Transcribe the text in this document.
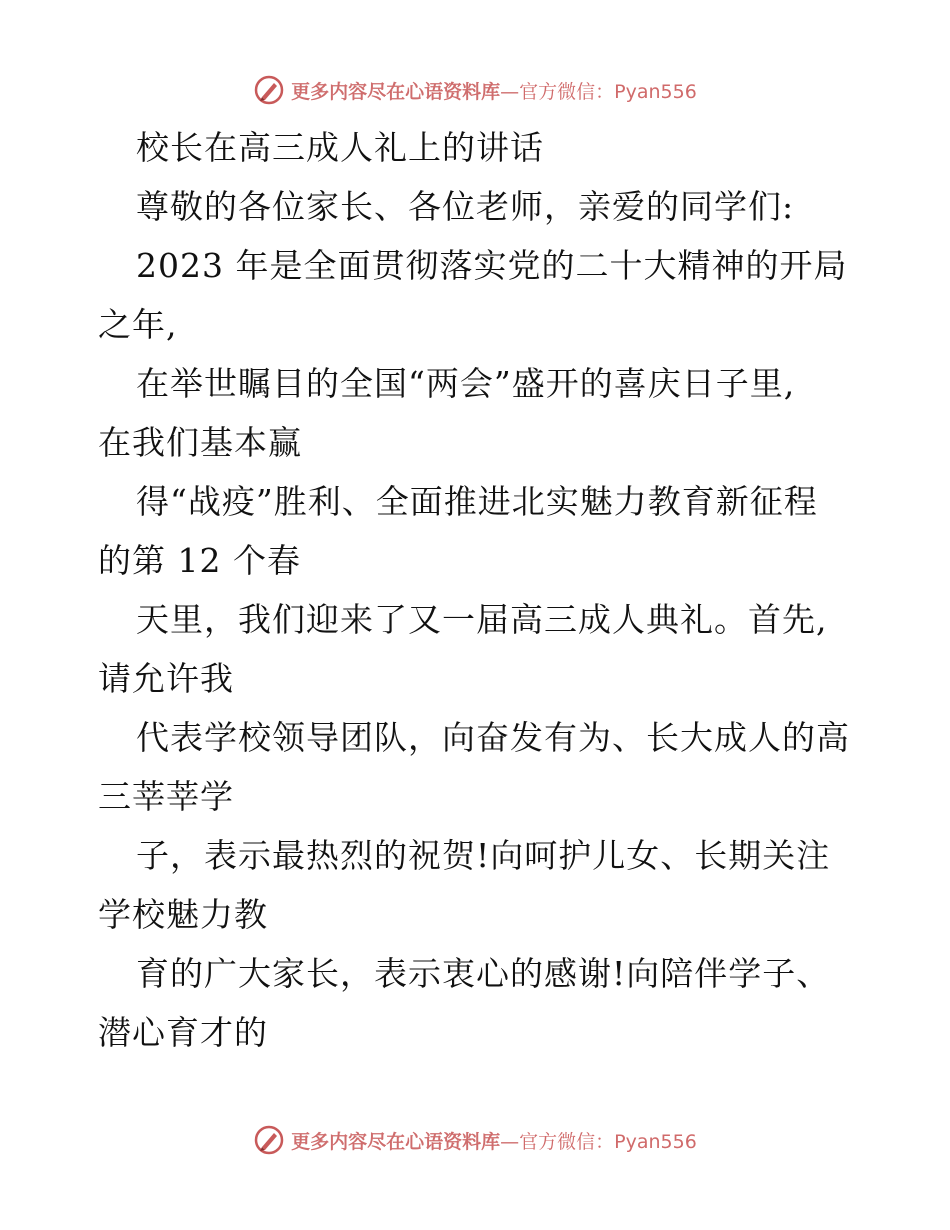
更多内容尽在心语资料库—官方微信：Pyan556
校长在高三成人礼上的讲话
尊敬的各位家长、各位老师，亲爱的同学们:
2023 年是全面贯彻落实党的二十大精神的开局
之年,
在举世瞩目的全国“两会”盛开的喜庆日子里,
在我们基本赢
得“战疫”胜利、全面推进北实魅力教育新征程
的第 12 个春
天里，我们迎来了又一届高三成人典礼。首先,
请允许我
代表学校领导团队，向奋发有为、长大成人的高
三莘莘学
子，表示最热烈的祝贺!向呵护儿女、长期关注
学校魅力教
育的广大家长，表示衷心的感谢!向陪伴学子、
潜心育才的
更多内容尽在心语资料库—官方微信：Pyan556
